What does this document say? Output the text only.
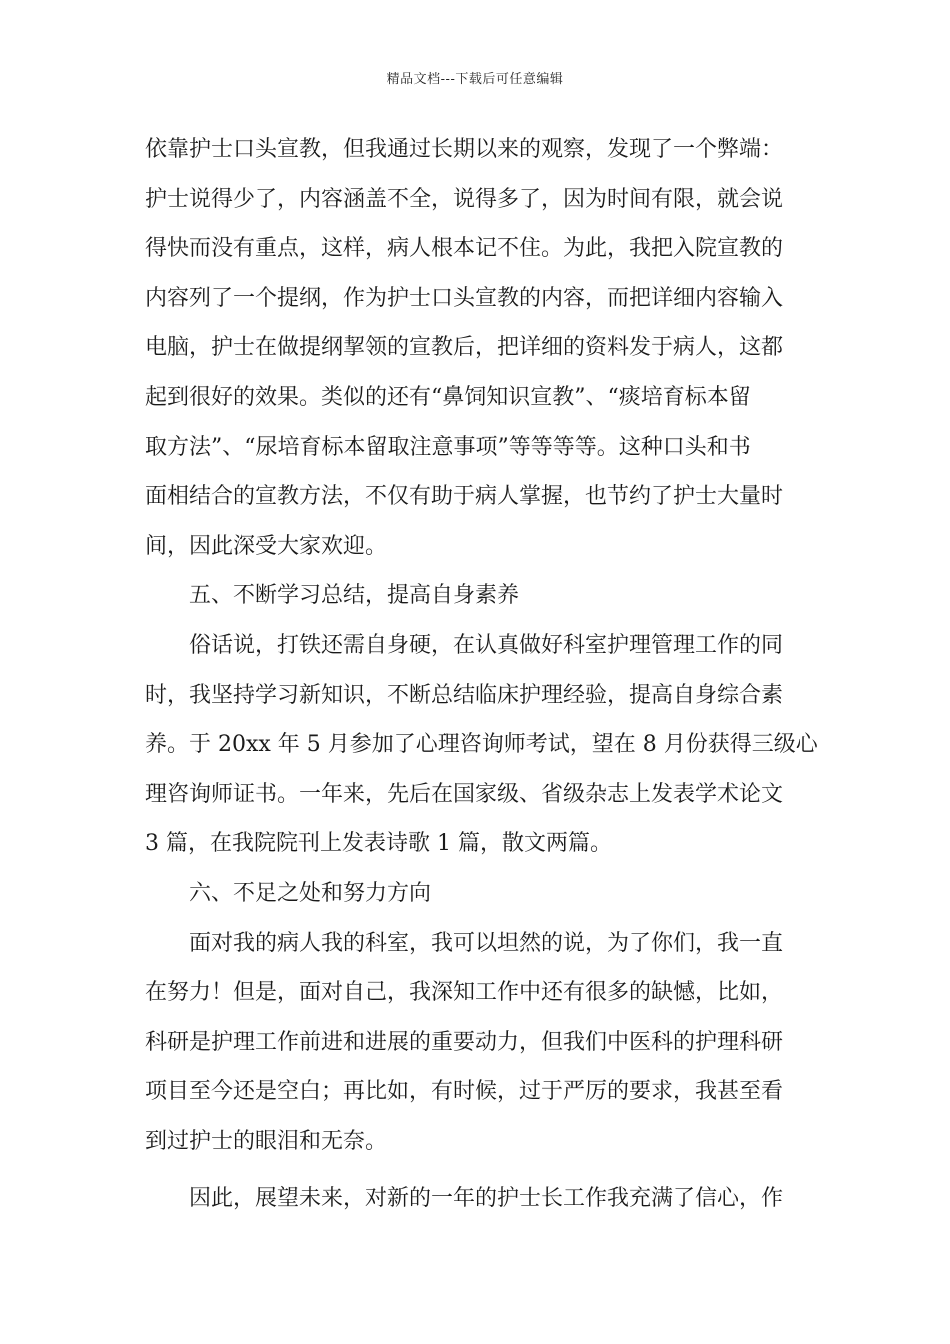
精品文档---下载后可任意编辑
依靠护士口头宣教，但我通过长期以来的观察，发现了一个弊端：
护士说得少了，内容涵盖不全，说得多了，因为时间有限，就会说
得快而没有重点，这样，病人根本记不住。为此，我把入院宣教的
内容列了一个提纲，作为护士口头宣教的内容，而把详细内容输入
电脑，护士在做提纲挈领的宣教后，把详细的资料发于病人，这都
起到很好的效果。类似的还有“鼻饲知识宣教”、“痰培育标本留
取方法”、“尿培育标本留取注意事项”等等等等。这种口头和书
面相结合的宣教方法，不仅有助于病人掌握，也节约了护士大量时
间，因此深受大家欢迎。
五、不断学习总结，提高自身素养
俗话说，打铁还需自身硬，在认真做好科室护理管理工作的同
时，我坚持学习新知识，不断总结临床护理经验，提高自身综合素
养。于 20xx 年 5 月参加了心理咨询师考试，望在 8 月份获得三级心
理咨询师证书。一年来，先后在国家级、省级杂志上发表学术论文
3 篇，在我院院刊上发表诗歌 1 篇，散文两篇。
六、不足之处和努力方向
面对我的病人我的科室，我可以坦然的说，为了你们，我一直
在努力！但是，面对自己，我深知工作中还有很多的缺憾，比如，
科研是护理工作前进和进展的重要动力，但我们中医科的护理科研
项目至今还是空白；再比如，有时候，过于严厉的要求，我甚至看
到过护士的眼泪和无奈。
因此，展望未来，对新的一年的护士长工作我充满了信心，作
